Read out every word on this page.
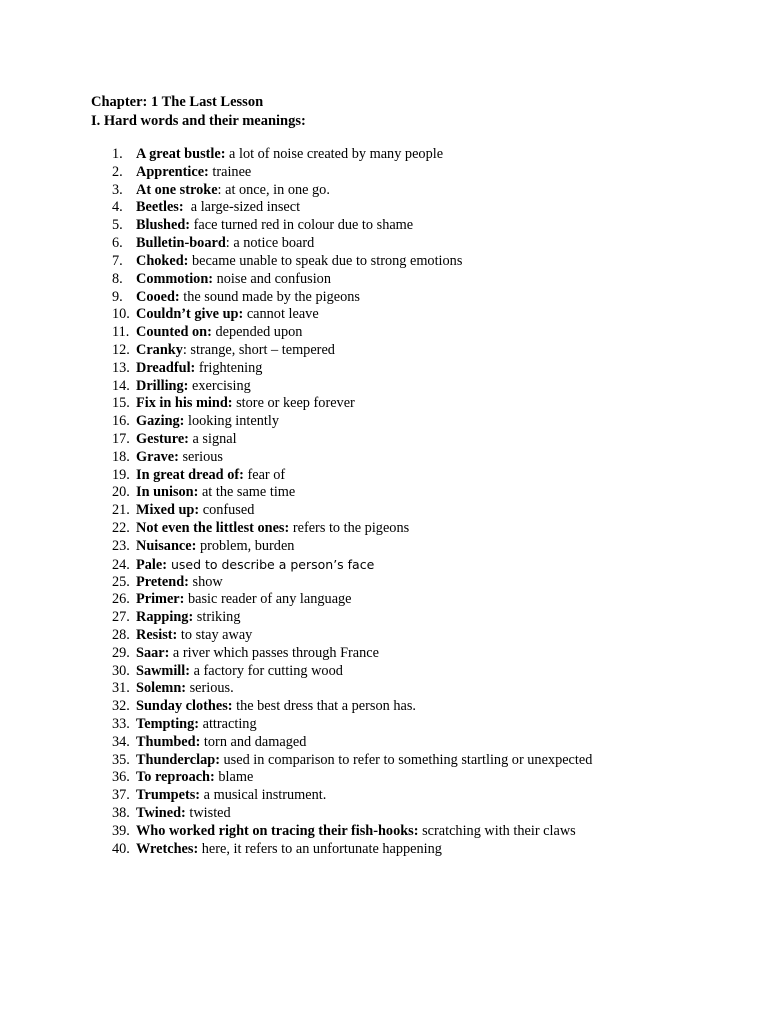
Chapter: 1 The Last Lesson
I. Hard words and their meanings:
1. A great bustle: a lot of noise created by many people
2. Apprentice: trainee
3. At one stroke: at once, in one go.
4. Beetles:  a large-sized insect
5. Blushed: face turned red in colour due to shame
6. Bulletin-board: a notice board
7. Choked: became unable to speak due to strong emotions
8. Commotion: noise and confusion
9. Cooed: the sound made by the pigeons
10. Couldn’t give up: cannot leave
11. Counted on: depended upon
12. Cranky: strange, short – tempered
13. Dreadful: frightening
14. Drilling: exercising
15. Fix in his mind: store or keep forever
16. Gazing: looking intently
17. Gesture: a signal
18. Grave: serious
19. In great dread of: fear of
20. In unison: at the same time
21. Mixed up: confused
22. Not even the littlest ones: refers to the pigeons
23. Nuisance: problem, burden
24. Pale: used to describe a person’s face
25. Pretend: show
26. Primer: basic reader of any language
27. Rapping: striking
28. Resist: to stay away
29. Saar: a river which passes through France
30. Sawmill: a factory for cutting wood
31. Solemn: serious.
32. Sunday clothes: the best dress that a person has.
33. Tempting: attracting
34. Thumbed: torn and damaged
35. Thunderclap: used in comparison to refer to something startling or unexpected
36. To reproach: blame
37. Trumpets: a musical instrument.
38. Twined: twisted
39. Who worked right on tracing their fish-hooks: scratching with their claws
40. Wretches: here, it refers to an unfortunate happening
